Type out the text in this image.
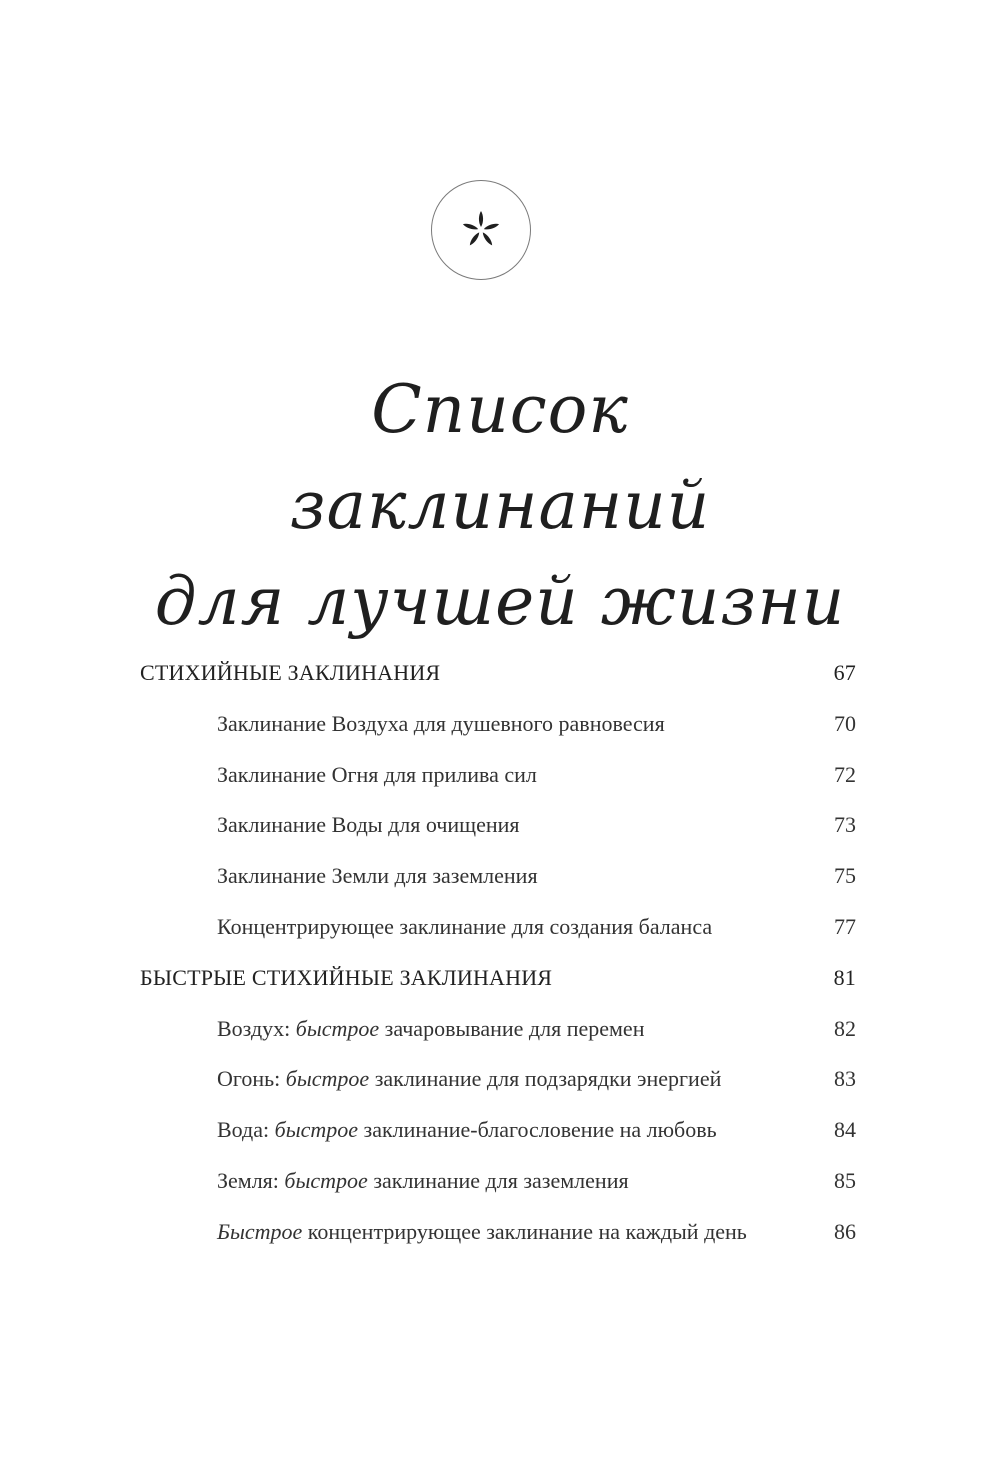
Список
заклинаний
для лучшей жизни
СТИХИЙНЫЕ ЗАКЛИНАНИЯ	67
Заклинание Воздуха для душевного равновесия	70
Заклинание Огня для прилива сил	72
Заклинание Воды для очищения	73
Заклинание Земли для заземления	75
Концентрирующее заклинание для создания баланса	77
БЫСТРЫЕ СТИХИЙНЫЕ ЗАКЛИНАНИЯ	81
Воздух: быстрое зачаровывание для перемен	82
Огонь: быстрое заклинание для подзарядки энергией	83
Вода: быстрое заклинание-благословение на любовь	84
Земля: быстрое заклинание для заземления	85
Быстрое концентрирующее заклинание на каждый день	86
